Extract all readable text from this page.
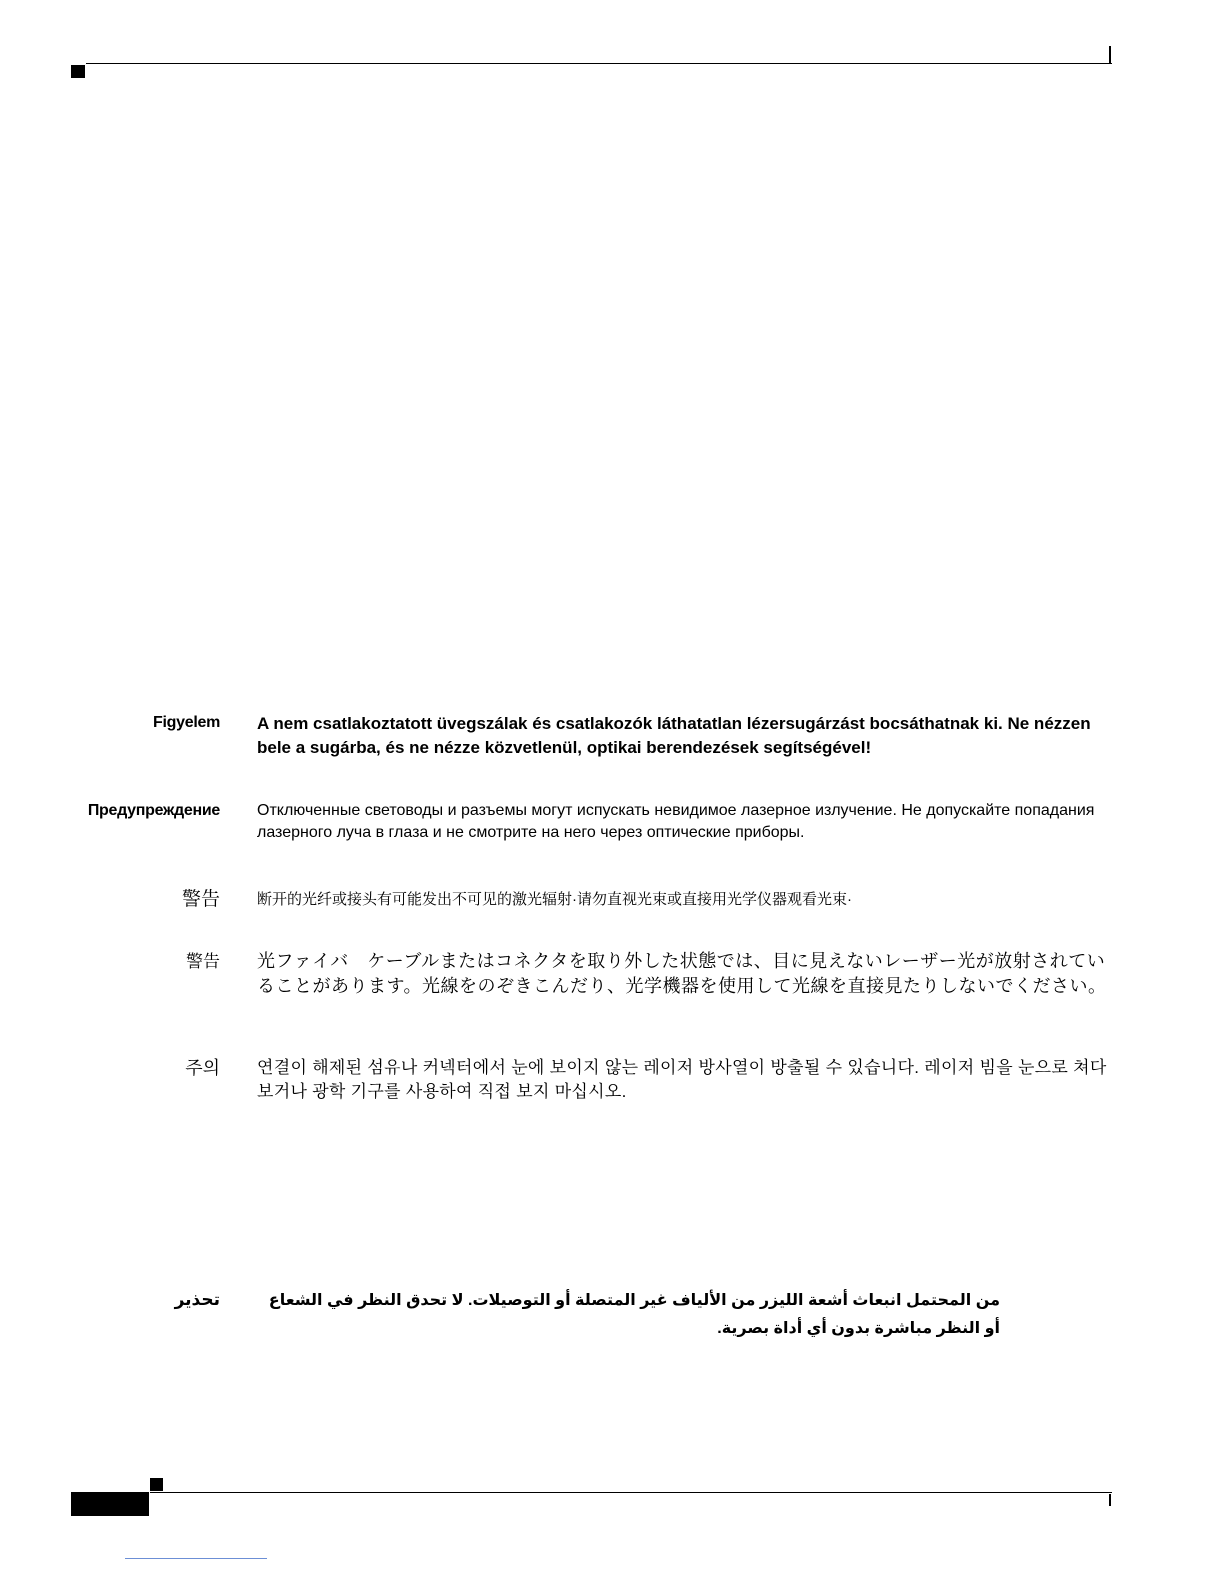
Figyelem A nem csatlakoztatott üvegszálak és csatlakozók láthatatlan lézersugárzást bocsáthatnak ki. Ne nézzen bele a sugárba, és ne nézze közvetlenül, optikai berendezések segítségével!
Предупреждение Отключенные световоды и разъемы могут испускать невидимое лазерное излучение. Не допускайте попадания лазерного луча в глаза и не смотрите на него через оптические приборы.
警告 断开的光纤或接头有可能发出不可见的激光辐射·请勿直视光束或直接用光学仪器观看光束·
警告 光ファイバ　ケーブルまたはコネクタを取り外した状態では、目に見えないレーザー光が放射されていることがあります。光線をのぞきこんだり、光学機器を使用して光線を直接見たりしないでください。
주의 연결이 해제된 섬유나 커넥터에서 눈에 보이지 않는 레이저 방사열이 방출될 수 있습니다. 레이저 빔을 눈으로 쳐다 보거나 광학 기구를 사용하여 직접 보지 마십시오.
تحذير	من المحتمل انبعاث أشعة الليزر من الألياف غير المتصلة أو التوصيلات. لا تحدق النظر في الشعاع أو النظر مباشرة بدون أي أداة بصرية.
